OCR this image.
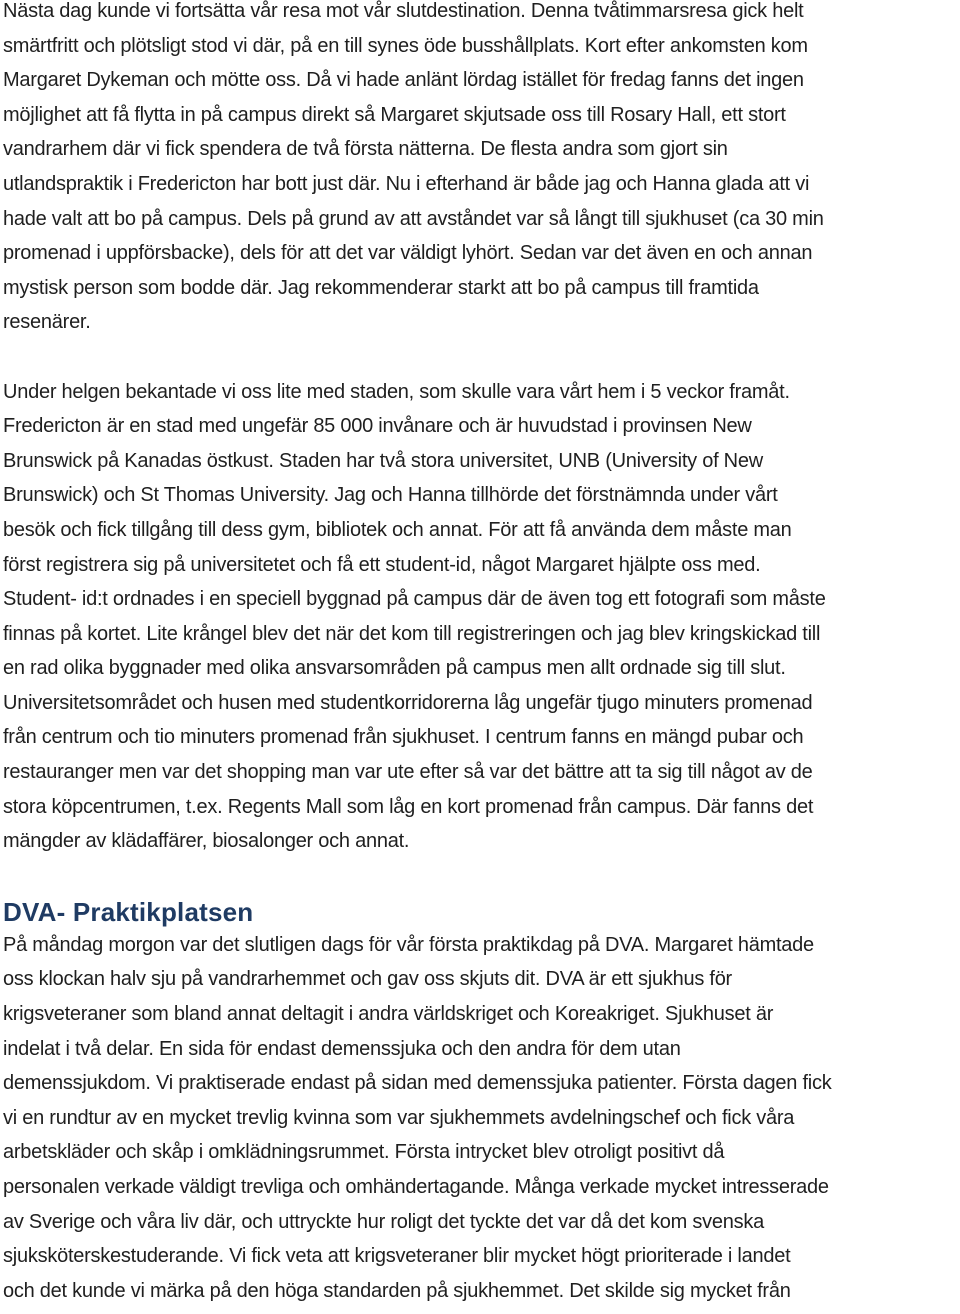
Nästa dag kunde vi fortsätta vår resa mot vår slutdestination. Denna tvåtimmarsresa gick helt
smärtfritt och plötsligt stod vi där, på en till synes öde busshållplats. Kort efter ankomsten kom
Margaret Dykeman och mötte oss. Då vi hade anlänt lördag istället för fredag fanns det ingen
möjlighet att få flytta in på campus direkt så Margaret skjutsade oss till Rosary Hall, ett stort
vandrarhem där vi fick spendera de två första nätterna. De flesta andra som gjort sin
utlandspraktik i Fredericton har bott just där. Nu i efterhand är både jag och Hanna glada att vi
hade valt att bo på campus. Dels på grund av att avståndet var så långt till sjukhuset (ca 30 min
promenad i uppförsbacke), dels för att det var väldigt lyhört. Sedan var det även en och annan
mystisk person som bodde där. Jag rekommenderar starkt att bo på campus till framtida
resenärer.

Under helgen bekantade vi oss lite med staden, som skulle vara vårt hem i 5 veckor framåt.
Fredericton är en stad med ungefär 85 000 invånare och är huvudstad i provinsen New
Brunswick på Kanadas östkust. Staden har två stora universitet, UNB (University of New
Brunswick) och St Thomas University. Jag och Hanna tillhörde det förstnämnda under vårt
besök och fick tillgång till dess gym, bibliotek och annat. För att få använda dem måste man
först registrera sig på universitetet och få ett student-id, något Margaret hjälpte oss med.
Student- id:t ordnades i en speciell byggnad på campus där de även tog ett fotografi som måste
finnas på kortet. Lite krångel blev det när det kom till registreringen och jag blev kringskickad till
en rad olika byggnader med olika ansvarsområden på campus men allt ordnade sig till slut.
Universitetsområdet och husen med studentkorridorerna låg ungefär tjugo minuters promenad
från centrum och tio minuters promenad från sjukhuset. I centrum fanns en mängd pubar och
restauranger men var det shopping man var ute efter så var det bättre att ta sig till något av de
stora köpcentrumen, t.ex. Regents Mall som låg en kort promenad från campus. Där fanns det
mängder av klädaffärer, biosalonger och annat.

DVA- Praktikplatsen

På måndag morgon var det slutligen dags för vår första praktikdag på DVA. Margaret hämtade
oss klockan halv sju på vandrarhemmet och gav oss skjuts dit. DVA är ett sjukhus för
krigsveteraner som bland annat deltagit i andra världskriget och Koreakriget. Sjukhuset är
indelat i två delar. En sida för endast demenssjuka och den andra för dem utan
demenssjukdom. Vi praktiserade endast på sidan med demenssjuka patienter. Första dagen fick
vi en rundtur av en mycket trevlig kvinna som var sjukhemmets avdelningschef och fick våra
arbetskläder och skåp i omklädningsrummet. Första intrycket blev otroligt positivt då
personalen verkade väldigt trevliga och omhändertagande. Många verkade mycket intresserade
av Sverige och våra liv där, och uttryckte hur roligt det tyckte det var då det kom svenska
sjuksköterskestuderande. Vi fick veta att krigsveteraner blir mycket högt prioriterade i landet
och det kunde vi märka på den höga standarden på sjukhemmet. Det skilde sig mycket från
